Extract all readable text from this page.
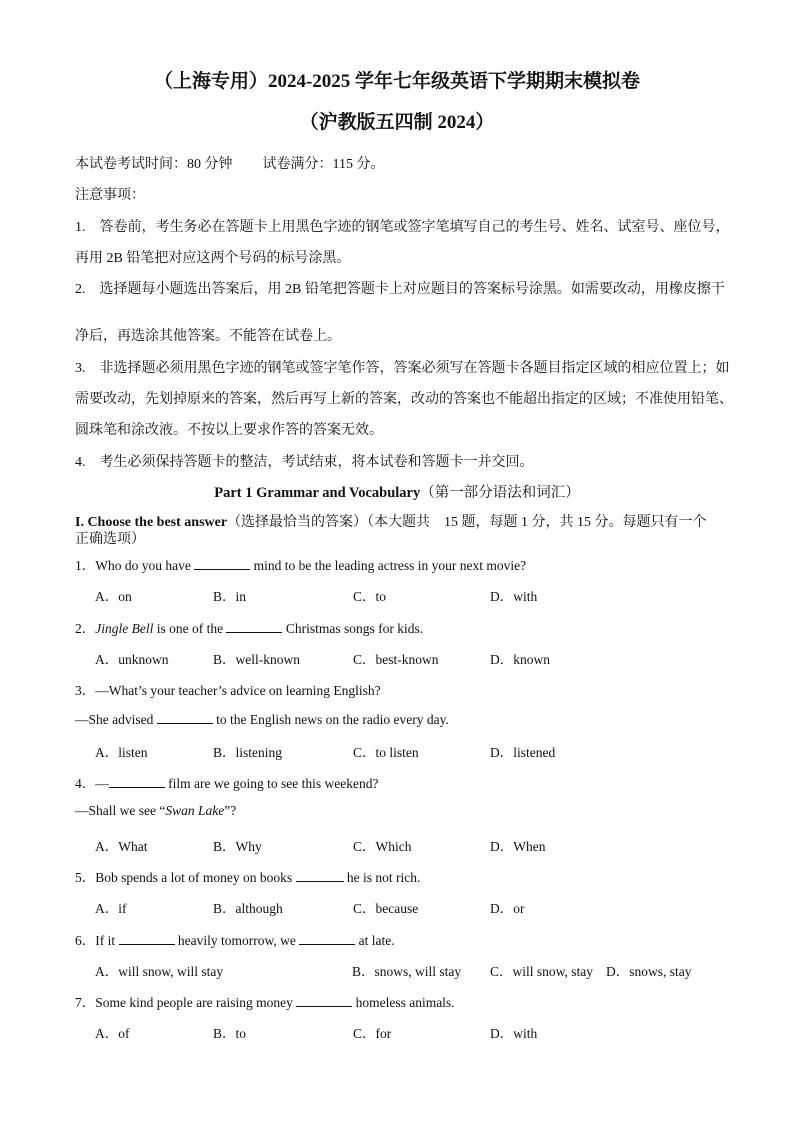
（上海专用）2024-2025 学年七年级英语下学期期末模拟卷
（沪教版五四制 2024）
本试卷考试时间：80 分钟 试卷满分：115 分。
注意事项：
1.　答卷前，考生务必在答题卡上用黑色字迹的钢笔或签字笔填写自己的考生号、姓名、试室号、座位号，
再用 2B 铅笔把对应这两个号码的标号涂黑。
2.　选择题每小题选出答案后，用 2B 铅笔把答题卡上对应题目的答案标号涂黑。如需要改动，用橡皮擦干
净后，再选涂其他答案。不能答在试卷上。
3.　非选择题必须用黑色字迹的钢笔或签字笔作答，答案必须写在答题卡各题目指定区域的相应位置上；如
需要改动，先划掉原来的答案，然后再写上新的答案，改动的答案也不能超出指定的区域；不准使用铅笔、
圆珠笔和涂改液。不按以上要求作答的答案无效。
4.　考生必须保持答题卡的整洁，考试结束，将本试卷和答题卡一并交回。
Part 1 Grammar and Vocabulary（第一部分语法和词汇）
I. Choose the best answer（选择最恰当的答案）（本大题共　15 题，每题 1 分，共 15 分。每题只有一个
正确选项）
1．Who do you have	mind to be the leading actress in your next movie?
A．on	B．in	C．to	D．with
2．Jingle Bell is one of the	Christmas songs for kids.
A．unknown	B．well-known	C．best-known	D．known
3．—What’s your teacher’s advice on learning English?
—She advised	to the English news on the radio every day.
A．listen	B．listening	C．to listen	D．listened
4．—	film are we going to see this weekend?
—Shall we see “Swan Lake”?
A．What	B．Why	C．Which	D．When
5．Bob spends a lot of money on books	he is not rich.
A．if	B．although	C．because	D．or
6．If it	heavily tomorrow, we	at late.
A．will snow, will stay	B．snows, will stay C．will snow, stay D．snows, stay
7．Some kind people are raising money	homeless animals.
A．of	B．to	C．for	D．with
